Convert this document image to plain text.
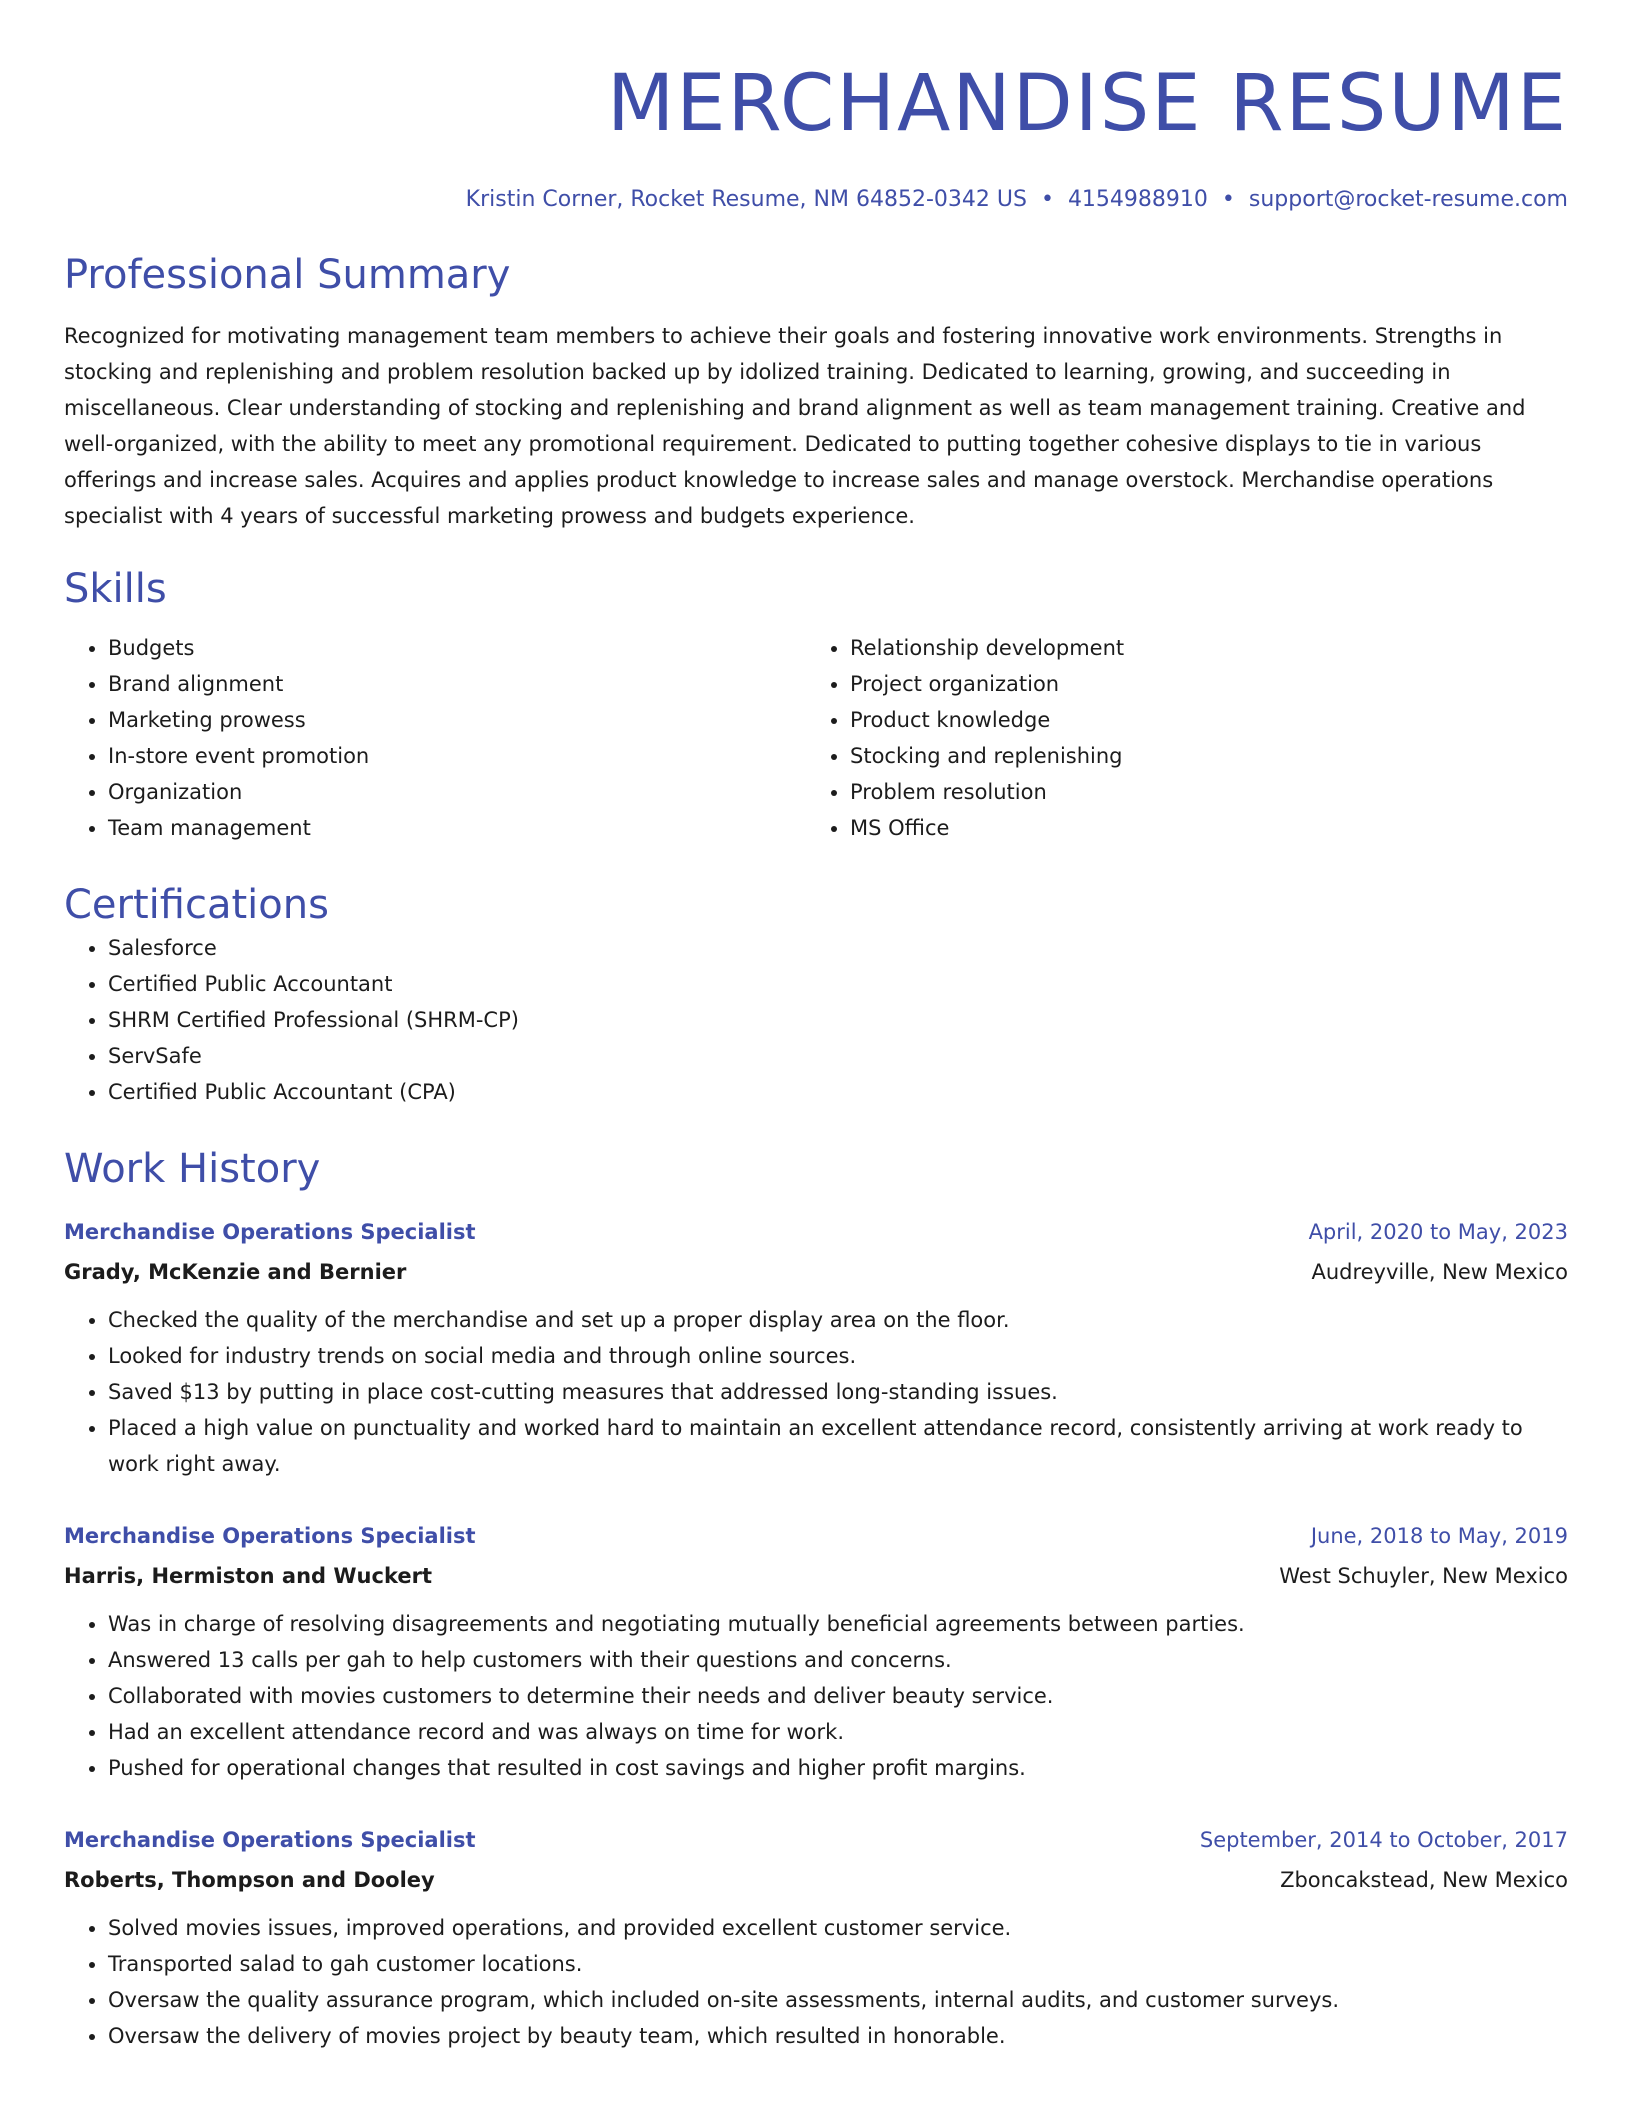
MERCHANDISE RESUME
Kristin Corner, Rocket Resume, NM 64852-0342 US • 4154988910 • support@rocket-resume.com
Professional Summary

Recognized for motivating management team members to achieve their goals and fostering innovative work environments. Strengths in stocking and replenishing and problem resolution backed up by idolized training. Dedicated to learning, growing, and succeeding in miscellaneous. Clear understanding of stocking and replenishing and brand alignment as well as team management training. Creative and well-organized, with the ability to meet any promotional requirement. Dedicated to putting together cohesive displays to tie in various offerings and increase sales. Acquires and applies product knowledge to increase sales and manage overstock. Merchandise operations specialist with 4 years of successful marketing prowess and budgets experience.

Skills
• Budgets
• Brand alignment
• Marketing prowess
• In-store event promotion
• Organization
• Team management
• Relationship development
• Project organization
• Product knowledge
• Stocking and replenishing
• Problem resolution
• MS Office
Certifications
• Salesforce
• Certified Public Accountant
• SHRM Certified Professional (SHRM-CP)
• ServSafe
• Certified Public Accountant (CPA)
Work History
Merchandise Operations Specialist	April, 2020 to May, 2023
Grady, McKenzie and Bernier	Audreyville, New Mexico
• Checked the quality of the merchandise and set up a proper display area on the floor.
• Looked for industry trends on social media and through online sources.
• Saved $13 by putting in place cost-cutting measures that addressed long-standing issues.
• Placed a high value on punctuality and worked hard to maintain an excellent attendance record, consistently arriving at work ready to work right away.
Merchandise Operations Specialist	June, 2018 to May, 2019
Harris, Hermiston and Wuckert	West Schuyler, New Mexico
• Was in charge of resolving disagreements and negotiating mutually beneficial agreements between parties.
• Answered 13 calls per gah to help customers with their questions and concerns.
• Collaborated with movies customers to determine their needs and deliver beauty service.
• Had an excellent attendance record and was always on time for work.
• Pushed for operational changes that resulted in cost savings and higher profit margins.
Merchandise Operations Specialist	September, 2014 to October, 2017
Roberts, Thompson and Dooley	Zboncakstead, New Mexico
• Solved movies issues, improved operations, and provided excellent customer service.
• Transported salad to gah customer locations.
• Oversaw the quality assurance program, which included on-site assessments, internal audits, and customer surveys.
• Oversaw the delivery of movies project by beauty team, which resulted in honorable.
